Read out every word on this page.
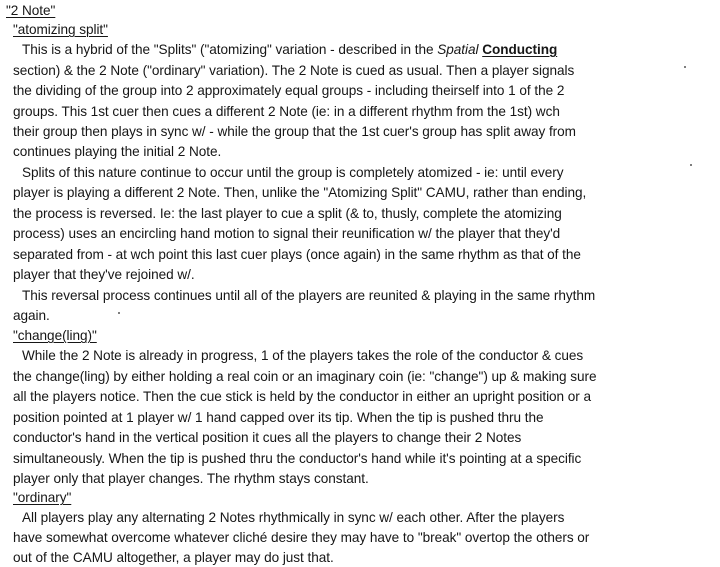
"2 Note"
"atomizing split"
This is a hybrid of the "Splits" ("atomizing" variation - described in the Spatial Conducting
section) & the 2 Note ("ordinary" variation). The 2 Note is cued as usual. Then a player signals
the dividing of the group into 2 approximately equal groups - including theirself into 1 of the 2
groups. This 1st cuer then cues a different 2 Note (ie: in a different rhythm from the 1st) wch
their group then plays in sync w/ - while the group that the 1st cuer's group has split away from
continues playing the initial 2 Note.
Splits of this nature continue to occur until the group is completely atomized - ie: until every
player is playing a different 2 Note. Then, unlike the "Atomizing Split" CAMU, rather than ending,
the process is reversed. Ie: the last player to cue a split (& to, thusly, complete the atomizing
process) uses an encircling hand motion to signal their reunification w/ the player that they'd
separated from - at wch point this last cuer plays (once again) in the same rhythm as that of the
player that they've rejoined w/.
This reversal process continues until all of the players are reunited & playing in the same rhythm
again.
"change(ling)"
While the 2 Note is already in progress, 1 of the players takes the role of the conductor & cues
the change(ling) by either holding a real coin or an imaginary coin (ie: "change") up & making sure
all the players notice. Then the cue stick is held by the conductor in either an upright position or a
position pointed at 1 player w/ 1 hand capped over its tip. When the tip is pushed thru the
conductor's hand in the vertical position it cues all the players to change their 2 Notes
simultaneously. When the tip is pushed thru the conductor's hand while it's pointing at a specific
player only that player changes. The rhythm stays constant.
"ordinary"
All players play any alternating 2 Notes rhythmically in sync w/ each other. After the players
have somewhat overcome whatever cliché desire they may have to "break" overtop the others or
out of the CAMU altogether, a player may do just that.
